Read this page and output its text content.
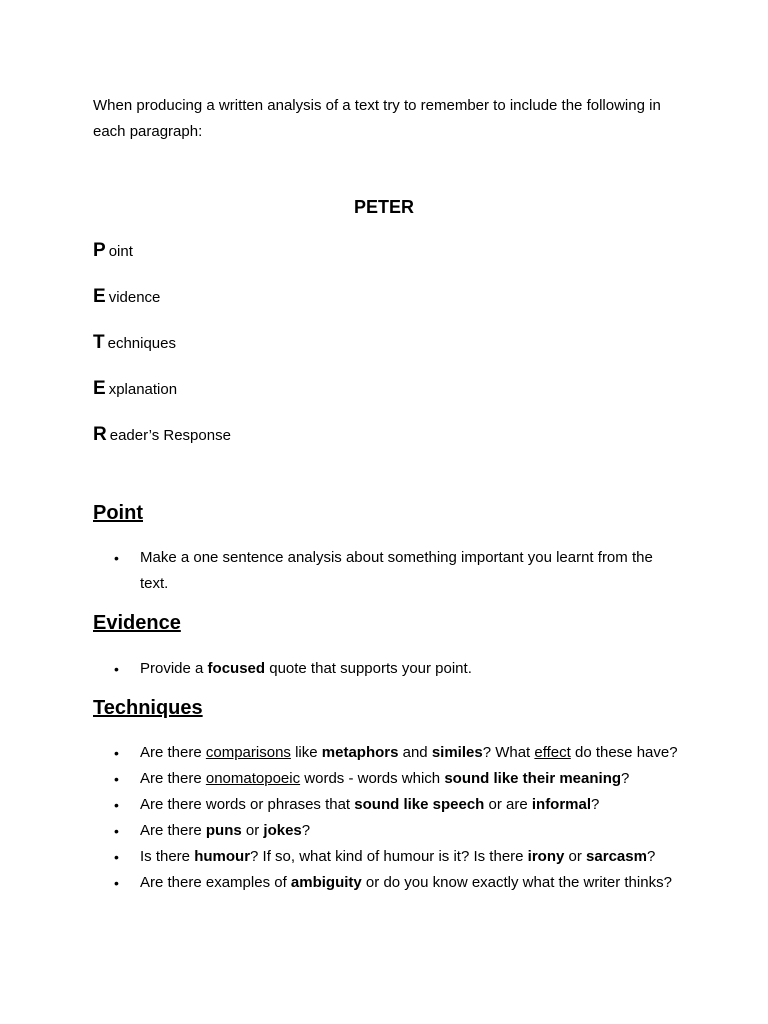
When producing a written analysis of a text try to remember to include the following in each paragraph:

PETER
P oint
E vidence
T echniques
E xplanation
R eader’s Response
Point
• Make a one sentence analysis about something important you learnt from the text.
Evidence
• Provide a focused quote that supports your point.
Techniques
• Are there comparisons like metaphors and similes? What effect do these have?
• Are there onomatopoeic words - words which sound like their meaning?
• Are there words or phrases that sound like speech or are informal?
• Are there puns or jokes?
• Is there humour? If so, what kind of humour is it? Is there irony or sarcasm?
• Are there examples of ambiguity or do you know exactly what the writer thinks?
